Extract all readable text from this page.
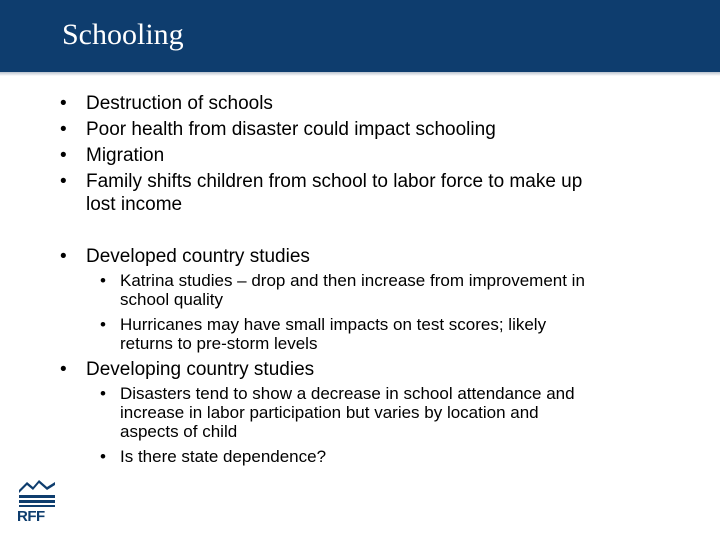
Schooling
• Destruction of schools
• Poor health from disaster could impact schooling
• Migration
• Family shifts children from school to labor force to make up
lost income
• Developed country studies
• Katrina studies – drop and then increase from improvement in
school quality
• Hurricanes may have small impacts on test scores; likely
returns to pre-storm levels
• Developing country studies
• Disasters tend to show a decrease in school attendance and
increase in labor participation but varies by location and
aspects of child
• Is there state dependence?
RFF
